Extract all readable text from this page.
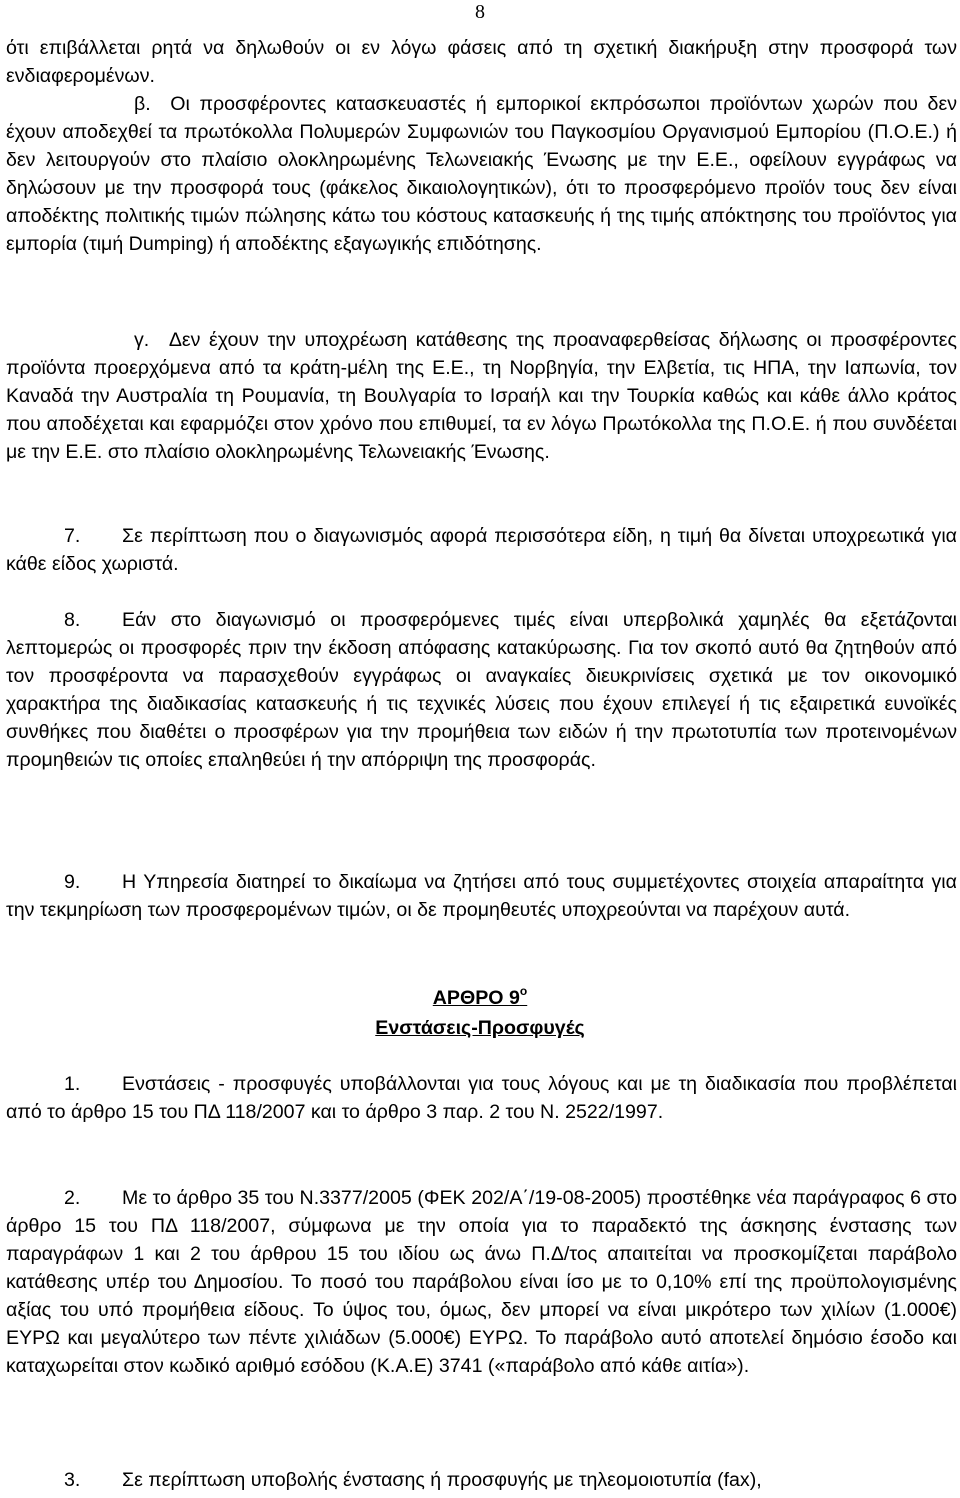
8

ότι επιβάλλεται ρητά να δηλωθούν οι εν λόγω φάσεις από τη σχετική διακήρυξη στην προσφορά των ενδιαφερομένων.

β. Οι προσφέροντες κατασκευαστές ή εμπορικοί εκπρόσωποι προϊόντων χωρών που δεν έχουν αποδεχθεί τα πρωτόκολλα Πολυμερών Συμφωνιών του Παγκοσμίου Οργανισμού Εμπορίου (Π.Ο.Ε.) ή δεν λειτουργούν στο πλαίσιο ολοκληρωμένης Τελωνειακής Ένωσης με την Ε.Ε., οφείλουν εγγράφως να δηλώσουν με την προσφορά τους (φάκελος δικαιολογητικών), ότι το προσφερόμενο προϊόν τους δεν είναι αποδέκτης πολιτικής τιμών πώλησης κάτω του κόστους κατασκευής ή της τιμής απόκτησης του προϊόντος για εμπορία (τιμή Dumping) ή αποδέκτης εξαγωγικής επιδότησης.

γ. Δεν έχουν την υποχρέωση κατάθεσης της προαναφερθείσας δήλωσης οι προσφέροντες προϊόντα προερχόμενα από τα κράτη-μέλη της Ε.Ε., τη Νορβηγία, την Ελβετία, τις ΗΠΑ, την Ιαπωνία, τον Καναδά την Αυστραλία τη Ρουμανία, τη Βουλγαρία το Ισραήλ και την Τουρκία καθώς και κάθε άλλο κράτος που αποδέχεται και εφαρμόζει στον χρόνο που επιθυμεί, τα εν λόγω Πρωτόκολλα της Π.Ο.Ε. ή που συνδέεται με την Ε.Ε. στο πλαίσιο ολοκληρωμένης Τελωνειακής Ένωσης.

7. Σε περίπτωση που ο διαγωνισμός αφορά περισσότερα είδη, η τιμή θα δίνεται υποχρεωτικά για κάθε είδος χωριστά.

8. Εάν στο διαγωνισμό οι προσφερόμενες τιμές είναι υπερβολικά χαμηλές θα εξετάζονται λεπτομερώς οι προσφορές πριν την έκδοση απόφασης κατακύρωσης. Για τον σκοπό αυτό θα ζητηθούν από τον προσφέροντα να παρασχεθούν εγγράφως οι αναγκαίες διευκρινίσεις σχετικά με τον οικονομικό χαρακτήρα της διαδικασίας κατασκευής ή τις τεχνικές λύσεις που έχουν επιλεγεί ή τις εξαιρετικά ευνοϊκές συνθήκες που διαθέτει ο προσφέρων για την προμήθεια των ειδών ή την πρωτοτυπία των προτεινομένων προμηθειών τις οποίες επαληθεύει ή την απόρριψη της προσφοράς.

9. Η Υπηρεσία διατηρεί το δικαίωμα να ζητήσει από τους συμμετέχοντες στοιχεία απαραίτητα για την τεκμηρίωση των προσφερομένων τιμών, οι δε προμηθευτές υποχρεούνται να παρέχουν αυτά.

ΑΡΘΡΟ $9^o$

Ενστάσεις-Προσφυγές

1. Ενστάσεις - προσφυγές υποβάλλονται για τους λόγους και με τη διαδικασία που προβλέπεται από το άρθρο 15 του ΠΔ 118/2007 και το άρθρο 3 παρ. 2 του Ν. 2522/1997.

2. Με το άρθρο 35 του Ν.3377/2005 (ΦΕΚ 202/Α΄/19-08-2005) προστέθηκε νέα παράγραφος 6 στο άρθρο 15 του ΠΔ 118/2007, σύμφωνα με την οποία για το παραδεκτό της άσκησης ένστασης των παραγράφων 1 και 2 του άρθρου 15 του ιδίου ως άνω Π.Δ/τος απαιτείται να προσκομίζεται παράβολο κατάθεσης υπέρ του Δημοσίου. Το ποσό του παράβολου είναι ίσο με το 0,10% επί της προϋπολογισμένης αξίας του υπό προμήθεια είδους. Το ύψος του, όμως, δεν μπορεί να είναι μικρότερο των χιλίων (1.000€) ΕΥΡΩ και μεγαλύτερο των πέντε χιλιάδων (5.000€) ΕΥΡΩ. Το παράβολο αυτό αποτελεί δημόσιο έσοδο και καταχωρείται στον κωδικό αριθμό εσόδου (Κ.Α.Ε) 3741 («παράβολο από κάθε αιτία»).

3. Σε περίπτωση υποβολής ένστασης ή προσφυγής με τηλεομοιοτυπία (fax),
